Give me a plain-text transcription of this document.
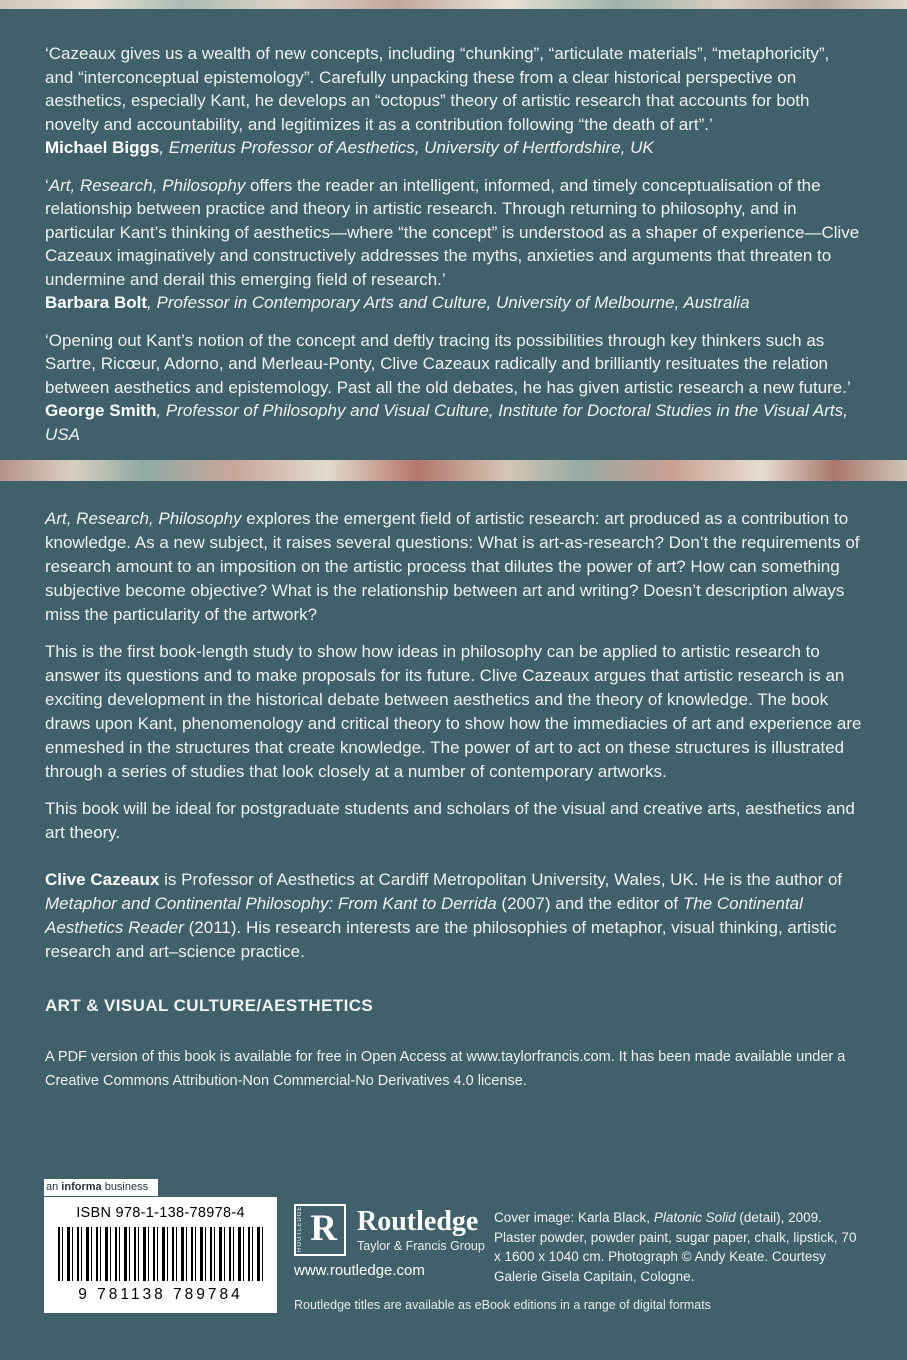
‘Cazeaux gives us a wealth of new concepts, including “chunking”, “articulate materials”, “metaphoricity”, and “interconceptual epistemology”. Carefully unpacking these from a clear historical perspective on aesthetics, especially Kant, he develops an “octopus” theory of artistic research that accounts for both novelty and accountability, and legitimizes it as a contribution following “the death of art”.’

Michael Biggs, Emeritus Professor of Aesthetics, University of Hertfordshire, UK

‘Art, Research, Philosophy offers the reader an intelligent, informed, and timely conceptualisation of the relationship between practice and theory in artistic research. Through returning to philosophy, and in particular Kant’s thinking of aesthetics—where “the concept” is understood as a shaper of experience—Clive Cazeaux imaginatively and constructively addresses the myths, anxieties and arguments that threaten to undermine and derail this emerging field of research.’

Barbara Bolt, Professor in Contemporary Arts and Culture, University of Melbourne, Australia

‘Opening out Kant’s notion of the concept and deftly tracing its possibilities through key thinkers such as Sartre, Ricœur, Adorno, and Merleau-Ponty, Clive Cazeaux radically and brilliantly resituates the relation between aesthetics and epistemology. Past all the old debates, he has given artistic research a new future.’

George Smith, Professor of Philosophy and Visual Culture, Institute for Doctoral Studies in the Visual Arts, USA

Art, Research, Philosophy explores the emergent field of artistic research: art produced as a contribution to knowledge. As a new subject, it raises several questions: What is art-as-research? Don’t the requirements of research amount to an imposition on the artistic process that dilutes the power of art? How can something subjective become objective? What is the relationship between art and writing? Doesn’t description always miss the particularity of the artwork?

This is the first book-length study to show how ideas in philosophy can be applied to artistic research to answer its questions and to make proposals for its future. Clive Cazeaux argues that artistic research is an exciting development in the historical debate between aesthetics and the theory of knowledge. The book draws upon Kant, phenomenology and critical theory to show how the immediacies of art and experience are enmeshed in the structures that create knowledge. The power of art to act on these structures is illustrated through a series of studies that look closely at a number of contemporary artworks.

This book will be ideal for postgraduate students and scholars of the visual and creative arts, aesthetics and art theory.

Clive Cazeaux is Professor of Aesthetics at Cardiff Metropolitan University, Wales, UK. He is the author of Metaphor and Continental Philosophy: From Kant to Derrida (2007) and the editor of The Continental Aesthetics Reader (2011). His research interests are the philosophies of metaphor, visual thinking, artistic research and art–science practice.

ART & VISUAL CULTURE/AESTHETICS

A PDF version of this book is available for free in Open Access at www.taylorfrancis.com. It has been made available under a Creative Commons Attribution-Non Commercial-No Derivatives 4.0 license.

an informa business
ISBN 978-1-138-78978-4
9 781138 789784
ROUTLEDGE R Routledge
Taylor & Francis Group
www.routledge.com
Cover image: Karla Black, Platonic Solid (detail), 2009. Plaster powder, powder paint, sugar paper, chalk, lipstick, 70 x 1600 x 1040 cm. Photograph © Andy Keate. Courtesy Galerie Gisela Capitain, Cologne.
Routledge titles are available as eBook editions in a range of digital formats
